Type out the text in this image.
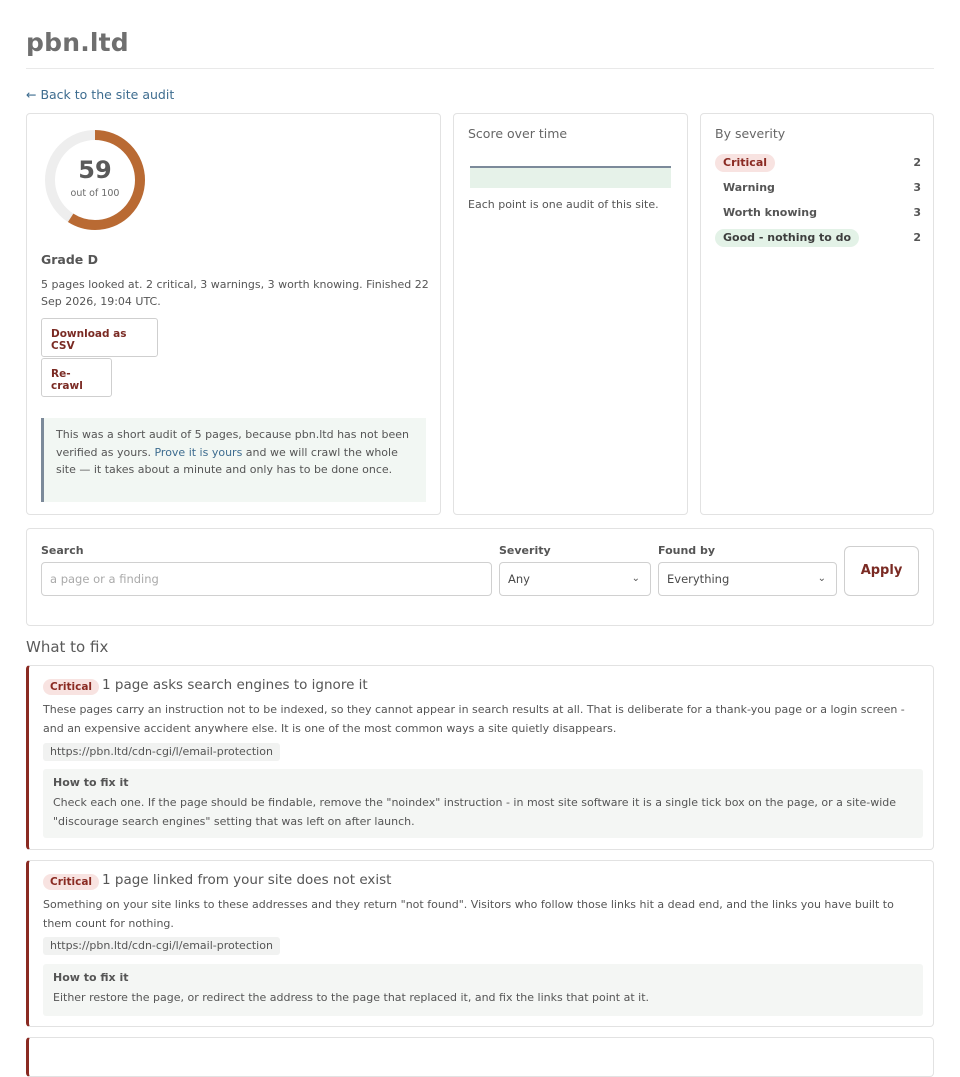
pbn.ltd
← Back to the site audit
59
out of 100
Grade D
5 pages looked at. 2 critical, 3 warnings, 3 worth knowing. Finished 22 Sep 2026, 19:04 UTC.
Download as CSV
Re-crawl
This was a short audit of 5 pages, because pbn.ltd has not been verified as yours. Prove it is yours and we will crawl the whole site — it takes about a minute and only has to be done once.
Score over time
Each point is one audit of this site.
By severity
Critical	2
Warning	3
Worth knowing	3
Good - nothing to do	2
Search
a page or a finding
Severity
Any	⌄
Found by
Everything	⌄
Apply
What to fix
Critical 1 page asks search engines to ignore it
These pages carry an instruction not to be indexed, so they cannot appear in search results at all. That is deliberate for a thank-you page or a login screen - and an expensive accident anywhere else. It is one of the most common ways a site quietly disappears.
https://pbn.ltd/cdn-cgi/l/email-protection
How to fix it
Check each one. If the page should be findable, remove the "noindex" instruction - in most site software it is a single tick box on the page, or a site-wide "discourage search engines" setting that was left on after launch.
Critical 1 page linked from your site does not exist
Something on your site links to these addresses and they return "not found". Visitors who follow those links hit a dead end, and the links you have built to them count for nothing.
https://pbn.ltd/cdn-cgi/l/email-protection
How to fix it
Either restore the page, or redirect the address to the page that replaced it, and fix the links that point at it.
